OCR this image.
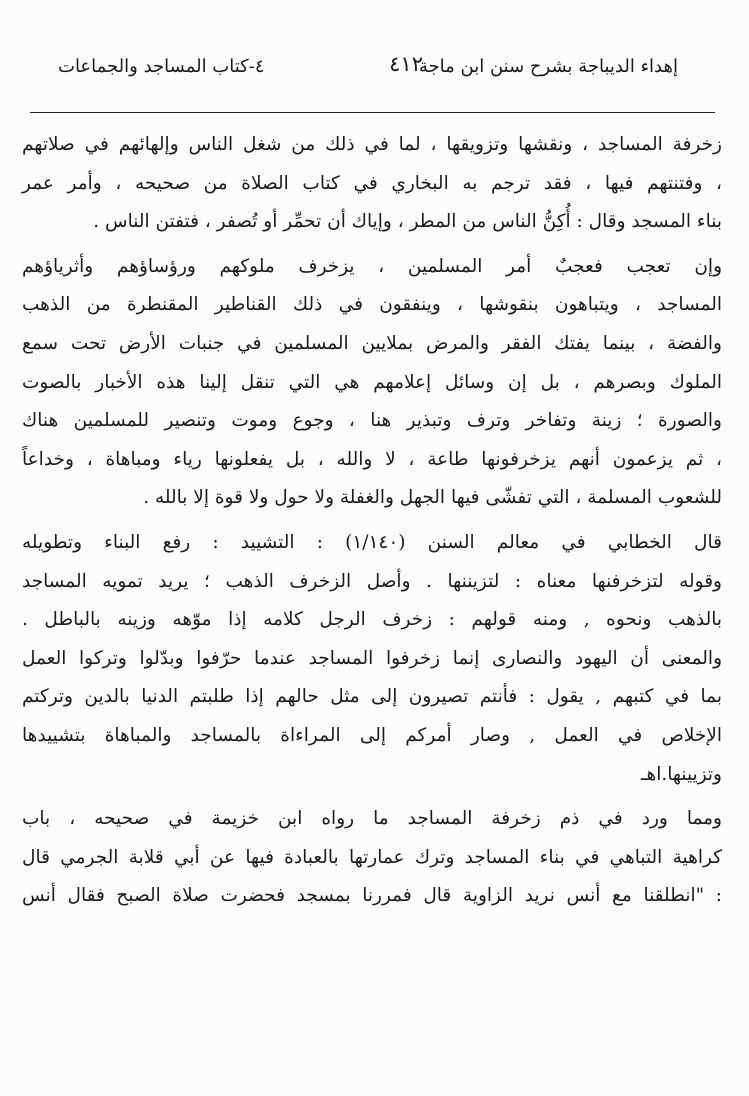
إهداء الديباجة بشرح سنن ابن ماجة
٤١٢
٤-كتاب المساجد والجماعات
زخرفة المساجد ، ونقشها وتزويقها ، لما في ذلك من شغل الناس وإلهائهم في صلاتهم
، وفتنتهم فيها ، فقد ترجم به البخاري في كتاب الصلاة من صحيحه ، وأمر عمر
بناء المسجد وقال : أُكِنُّ الناس من المطر ، وإياك أن تحمِّر أو تُصفر ، فتفتن الناس .
وإن تعجب فعجبٌ أمر المسلمين ، يزخرف ملوكهم ورؤساؤهم وأثرياؤهم
المساجد ، ويتباهون بنقوشها ، وينفقون في ذلك القناطير المقنطرة من الذهب
والفضة ، بينما يفتك الفقر والمرض بملايين المسلمين في جنبات الأرض تحت سمع
الملوك وبصرهم ، بل إن وسائل إعلامهم هي التي تنقل إلينا هذه الأخبار بالصوت
والصورة ؛ زينة وتفاخر وترف وتبذير هنا ، وجوع وموت وتنصير للمسلمين هناك
، ثم يزعمون أنهم يزخرفونها طاعة ، لا والله ، بل يفعلونها رياء ومباهاة ، وخداعاً
للشعوب المسلمة ، التي تفشّى فيها الجهل والغفلة ولا حول ولا قوة إلا بالله .
قال الخطابي في معالم السنن (١/١٤٠) : التشييد : رفع البناء وتطويله
وقوله لتزخرفنها معناه : لتزيننها . وأصل الزخرف الذهب ؛ يريد تمويه المساجد
بالذهب ونحوه , ومنه قولهم : زخرف الرجل كلامه إذا موّهه وزينه بالباطل .
والمعنى أن اليهود والنصارى إنما زخرفوا المساجد عندما حرّفوا وبدّلوا وتركوا العمل
بما في كتبهم , يقول : فأنتم تصيرون إلى مثل حالهم إذا طلبتم الدنيا بالدين وتركتم
الإخلاص في العمل , وصار أمركم إلى المراءاة بالمساجد والمباهاة بتشييدها
وتزيينها.اهـ
ومما ورد في ذم زخرفة المساجد ما رواه ابن خزيمة في صحيحه ، باب
كراهية التباهي في بناء المساجد وترك عمارتها بالعبادة فيها عن أبي قلابة الجرمي قال
: "انطلقنا مع أنس نريد الزاوية قال فمررنا بمسجد فحضرت صلاة الصبح فقال أنس
